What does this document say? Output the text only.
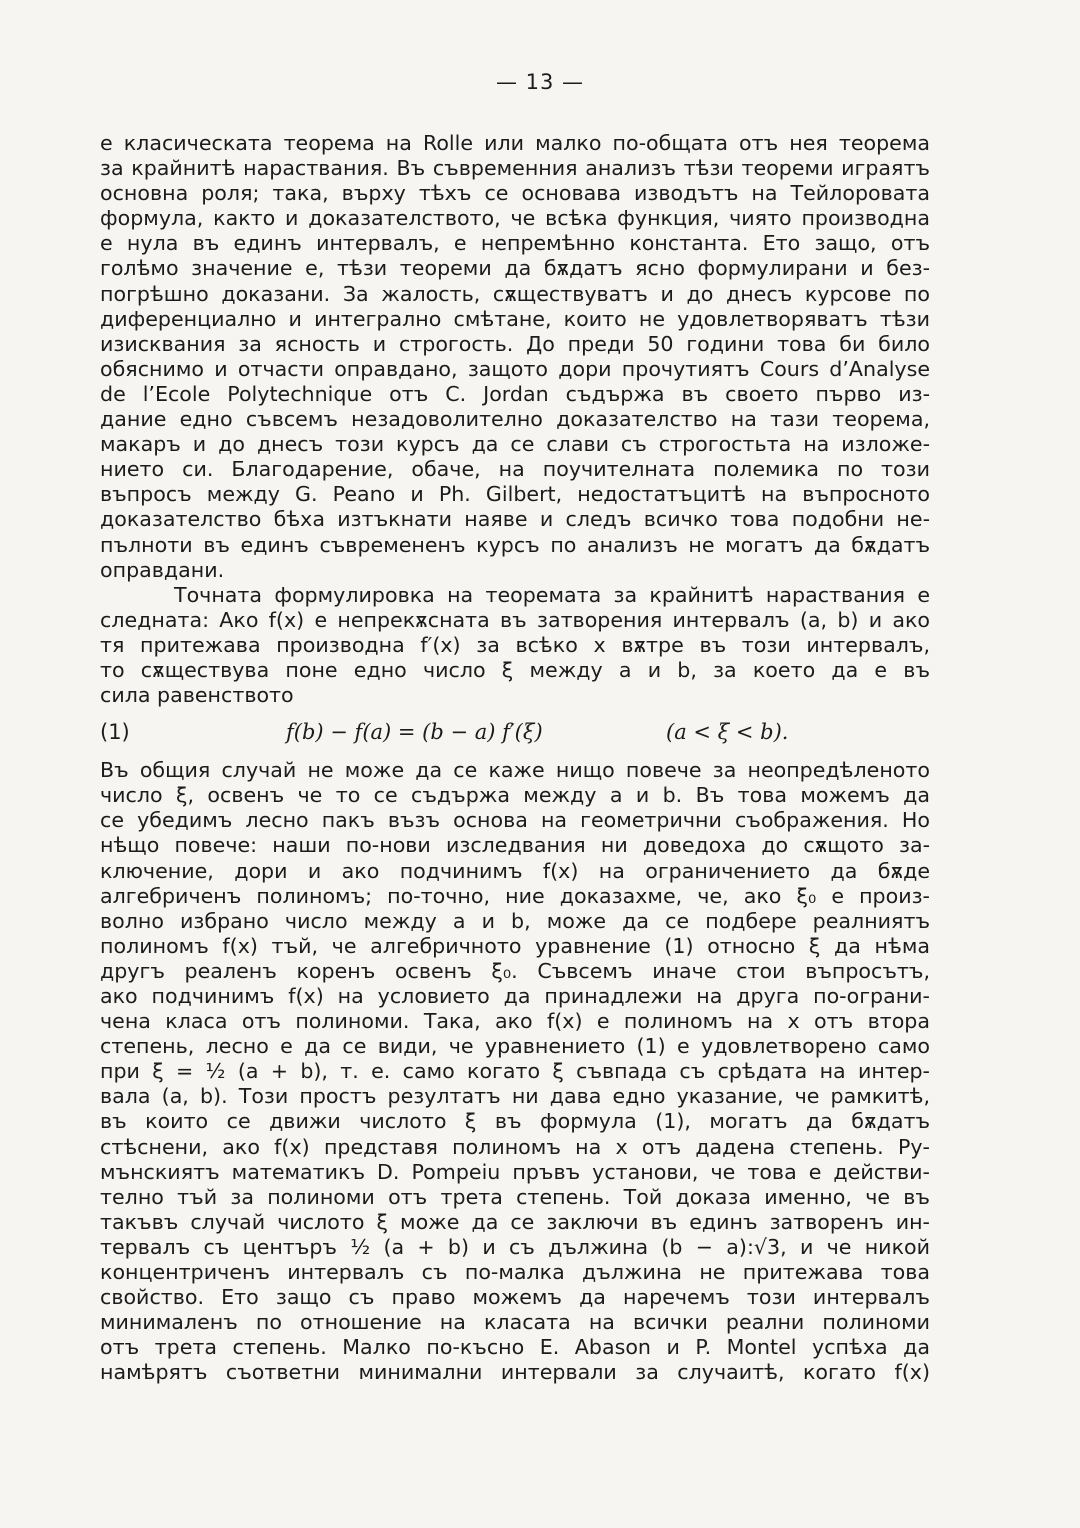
— 13 —
е класическата теорема на Rolle или малко по-общата отъ нея теорема
за крайнитѣ нараствания. Въ съвременния анализъ тѣзи теореми играятъ
основна роля; така, върху тѣхъ се основава изводътъ на Тейлоровата
формула, както и доказателството, че всѣка функция, чиято производна
е нула въ единъ интервалъ, е непремѣнно константа. Ето защо, отъ
голѣмо значение е, тѣзи теореми да бѫдатъ ясно формулирани и без-
погрѣшно доказани. За жалость, сѫществуватъ и до днесъ курсове по
диференциално и интегрално смѣтане, които не удовлетворяватъ тѣзи
изисквания за ясность и строгость. До преди 50 години това би било
обяснимо и отчасти оправдано, защото дори прочутиятъ Cours d’Analyse
de l’Ecole Polytechnique отъ C. Jordan съдържа въ своето първо из-
дание едно съвсемъ незадоволително доказателство на тази теорема,
макаръ и до днесъ този курсъ да се слави съ строгостьта на изложе-
нието си. Благодарение, обаче, на поучителната полемика по този
въпросъ между G. Peano и Ph. Gilbert, недостатъцитѣ на въпросното
доказателство бѣха изтъкнати наяве и следъ всичко това подобни не-
пълноти въ единъ съвремененъ курсъ по анализъ не могатъ да бѫдатъ
оправдани.
Точната формулировка на теоремата за крайнитѣ нараствания е
следната: Ако f(x) е непрекѫсната въ затворения интервалъ (a, b) и ако
тя притежава производна f′(x) за всѣко x вѫтре въ този интервалъ,
то сѫществува поне едно число ξ между a и b, за което да е въ
сила равенството
(1)	f(b) − f(a) = (b − a) f′(ξ)	(a < ξ < b).
Въ общия случай не може да се каже нищо повече за неопредѣленото
число ξ, освенъ че то се съдържа между a и b. Въ това можемъ да
се убедимъ лесно пакъ възъ основа на геометрични съображения. Но
нѣщо повече: наши по-нови изследвания ни доведоха до сѫщото за-
ключение, дори и ако подчинимъ f(x) на ограничението да бѫде
алгебриченъ полиномъ; по-точно, ние доказахме, че, ако ξ₀ е произ-
волно избрано число между a и b, може да се подбере реалниятъ
полиномъ f(x) тъй, че алгебричното уравнение (1) относно ξ да нѣма
другъ реаленъ коренъ освенъ ξ₀. Съвсемъ иначе стои въпросътъ,
ако подчинимъ f(x) на условието да принадлежи на друга по-ограни-
чена класа отъ полиноми. Така, ако f(x) е полиномъ на x отъ втора
степень, лесно е да се види, че уравнението (1) е удовлетворено само
при ξ = ½ (a + b), т. е. само когато ξ съвпада съ срѣдата на интер-
вала (a, b). Този простъ резултатъ ни дава едно указание, че рамкитѣ,
въ които се движи числото ξ въ формула (1), могатъ да бѫдатъ
стѣснени, ако f(x) представя полиномъ на x отъ дадена степень. Ру-
мънскиятъ математикъ D. Pompeiu пръвъ установи, че това е действи-
телно тъй за полиноми отъ трета степень. Той доказа именно, че въ
такъвъ случай числото ξ може да се заключи въ единъ затворенъ ин-
тервалъ съ центъръ ½ (a + b) и съ дължина (b − a):√3, и че никой
концентриченъ интервалъ съ по-малка дължина не притежава това
свойство. Ето защо съ право можемъ да наречемъ този интервалъ
минималенъ по отношение на класата на всички реални полиноми
отъ трета степень. Малко по-късно E. Abason и P. Montel успѣха да
намѣрятъ съответни минимални интервали за случаитѣ, когато f(x)
